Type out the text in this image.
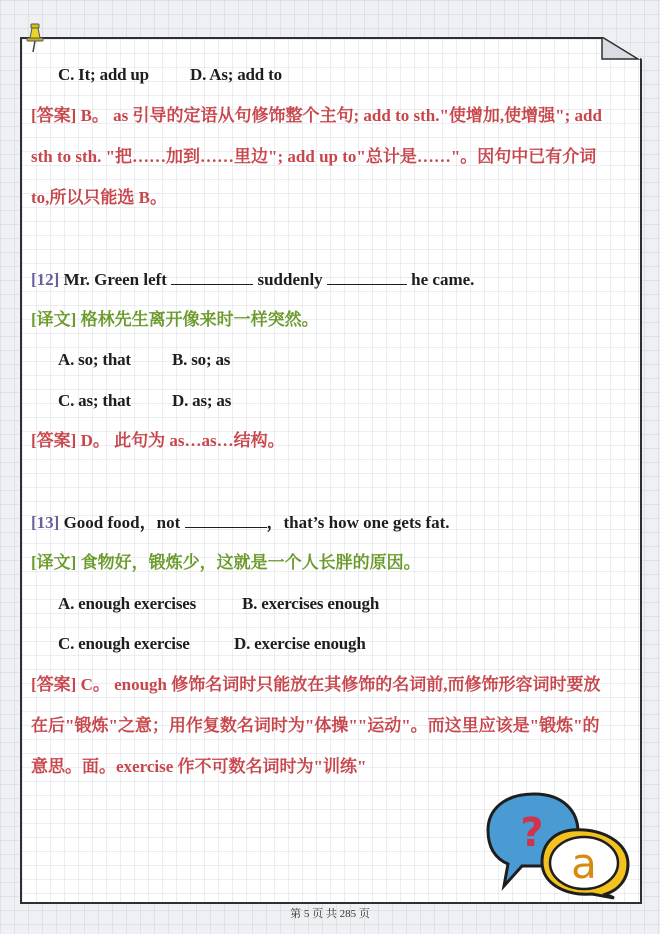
C. It; add up D. As; add to
[答案] B。 as 引导的定语从句修饰整个主句; add to sth."使增加,使增强"; add
sth to sth. "把……加到……里边"; add up to"总计是……"。因句中已有介词
to,所以只能选 B。
[12] Mr. Green left	suddenly	he came.
[译文] 格林先生离开像来时一样突然。
A. so; that B. so; as
C. as; that D. as; as
[答案] D。 此句为 as…as…结构。
[13] Good food，not	，that’s how one gets fat.
[译文] 食物好，锻炼少，这就是一个人长胖的原因。
A. enough exercises	B. exercises enough
C. enough exercise	D. exercise enough
[答案] C。 enough 修饰名词时只能放在其修饰的名词前,而修饰形容词时要放
在后"锻炼"之意；用作复数名词时为"体操""运动"。而这里应该是"锻炼"的
意思。面。exercise 作不可数名词时为"训练"
?
a
第 5 页 共 285 页
